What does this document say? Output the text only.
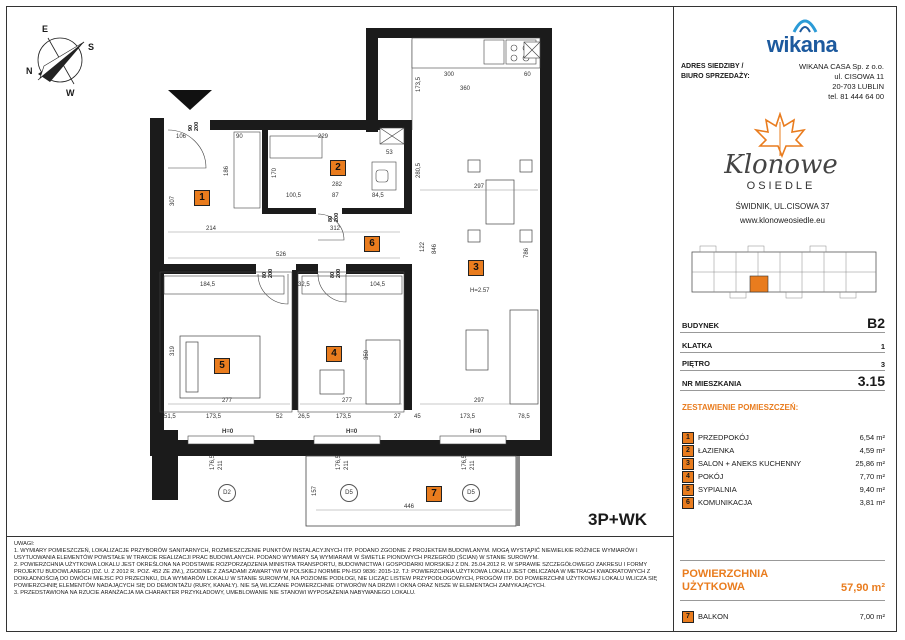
E
S
N
W
1
2
3
4
5
6
7
H=2.57
90
200
80
200
80
200	80
200
106	90	229
53
282
100,5	87	84,5
312
214
526
307
186	170
300	60
360
173,5
280,5
297
846
122
786
184,5	32,5	104,5
319	350
277	277	297
51,5	173,5	52	26,5	173,5	27 45	173,5	78,5
176,5 211	176,5 211	176,5 211
157
446
H=0	H=0	H=0
D2	D5	D5
3P+WK

UWAGI:

1. WYMIARY POMIESZCZEŃ, LOKALIZACJE PRZYBORÓW SANITARNYCH, ROZMIESZCZENIE PUNKTÓW INSTALACYJNYCH ITP. PODANO ZGODNIE Z PROJEKTEM BUDOWLANYM. MOGĄ WYSTĄPIĆ NIEWIELKIE RÓŻNICE WYMIARÓW I USYTUOWANIA ELEMENTÓW POWSTAŁE W TRAKCIE REALIZACJI PRAC BUDOWLANYCH. PODANO WYMIARY SĄ WYMIARAMI W ŚWIETLE PIONOWYCH PRZEGRÓD (ŚCIAN) W STANIE SUROWYM.

2. POWIERZCHNIA UŻYTKOWA LOKALU JEST OKREŚLONA NA PODSTAWIE ROZPORZĄDZENIA MINISTRA TRANSPORTU, BUDOWNICTWA I GOSPODARKI MORSKIEJ Z DN. 25.04.2012 R. W SPRAWIE SZCZEGÓŁOWEGO ZAKRESU I FORMY PROJEKTU BUDOWLANEGO (DZ. U. Z 2012 R. POZ. 452 ZE ZM.), ZGODNIE Z ZASADAMI ZAWARTYMI W POLSKIEJ NORMIE PN-ISO 9836: 2015-12. TJ: POWIERZCHNIA UŻYTKOWA LOKALU JEST OBLICZANA W METRACH KWADRATOWYCH Z DOKŁADNOŚCIĄ DO DWÓCH MIEJSC PO PRZECINKU, DLA WYMIARÓW LOKALU W STANIE SUROWYM, NA POZIOMIE PODŁOGI, NIE LICZĄC LISTEW PRZYPODŁOGOWYCH, PROGÓW ITP. DO POWIERZCHNI UŻYTKOWEJ LOKALU WLICZA SIĘ POWIERZCHNIĘ ELEMENTÓW NADAJĄCYCH SIĘ DO DEMONTAŻU (RURY, KANAŁY). NIE SĄ WLICZANE POWIERZCHNIE OTWORÓW NA DRZWI I OKNA ORAZ NISZE W ELEMENTACH ZAMYKAJĄCYCH.

3. PRZEDSTAWIONA NA RZUCIE ARANŻACJA MA CHARAKTER PRZYKŁADOWY, UMEBLOWANIE NIE STANOWI WYPOSAŻENIA NABYWANEGO LOKALU.

wikana
ADRES SIEDZIBY /
BIURO SPRZEDAŻY:
WIKANA CASA Sp. z o.o.
ul. CISOWA 11
20-703 LUBLIN
tel. 81 444 64 00
Klonowe
OSIEDLE
ŚWIDNIK, UL.CISOWA 37
www.klonoweosiedle.eu
BUDYNEK	B2
KLATKA	1
PIĘTRO	3
NR MIESZKANIA	3.15
ZESTAWIENIE POMIESZCZEŃ:
1	PRZEDPOKÓJ	6,54 m²
2	ŁAZIENKA	4,59 m²
3	SALON + ANEKS KUCHENNY	25,86 m²
4	POKÓJ	7,70 m²
5	SYPIALNIA	9,40 m²
6	KOMUNIKACJA	3,81 m²
POWIERZCHNIA
UŻYTKOWA	57,90 m²
7	BALKON	7,00 m²
